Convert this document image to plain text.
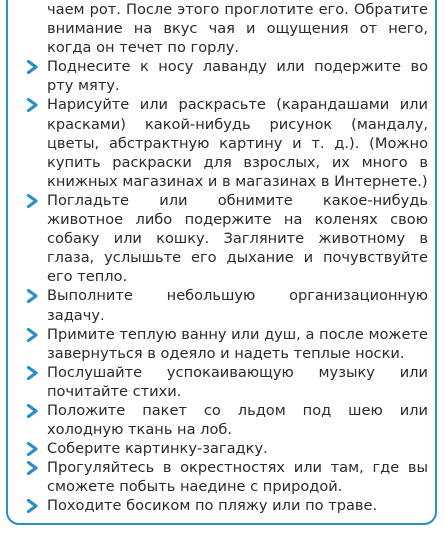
чаем рот. После этого проглотите его. Обратите внимание на вкус чая и ощущения от него, когда он течет по горлу.

Поднесите к носу лаванду или подержите во рту мяту.
Нарисуйте или раскрасьте (карандашами или красками) какой-нибудь рисунок (мандалу, цветы, абстрактную картину и т. д.). (Можно купить раскраски для взрослых, их много в книжных магазинах и в магазинах в Интернете.)
Погладьте или обнимите какое-нибудь животное либо подержите на коленях свою собаку или кошку. Загляните животному в глаза, услышьте его дыхание и почувствуйте его тепло.
Выполните небольшую организационную задачу.
Примите теплую ванну или душ, а после можете завернуться в одеяло и надеть теплые носки.
Послушайте успокаивающую музыку или почитайте стихи.
Положите пакет со льдом под шею или холодную ткань на лоб.
Соберите картинку-загадку.
Прогуляйтесь в окрестностях или там, где вы сможете побыть наедине с природой.
Походите босиком по пляжу или по траве.
